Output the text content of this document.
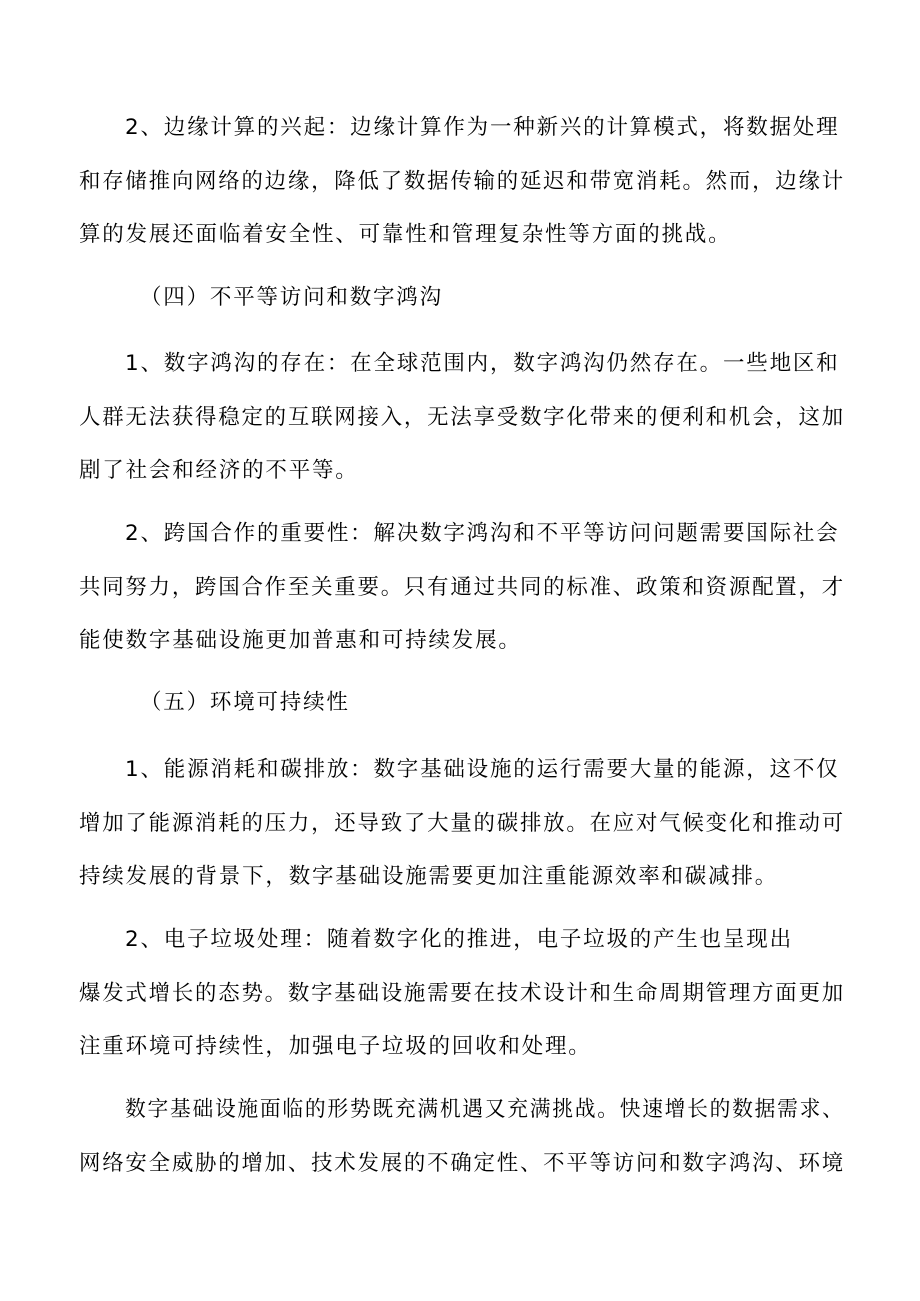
2、边缘计算的兴起：边缘计算作为一种新兴的计算模式，将数据处理
和存储推向网络的边缘，降低了数据传输的延迟和带宽消耗。然而，边缘计
算的发展还面临着安全性、可靠性和管理复杂性等方面的挑战。
（四）不平等访问和数字鸿沟
1、数字鸿沟的存在：在全球范围内，数字鸿沟仍然存在。一些地区和
人群无法获得稳定的互联网接入，无法享受数字化带来的便利和机会，这加
剧了社会和经济的不平等。
2、跨国合作的重要性：解决数字鸿沟和不平等访问问题需要国际社会
共同努力，跨国合作至关重要。只有通过共同的标准、政策和资源配置，才
能使数字基础设施更加普惠和可持续发展。
（五）环境可持续性
1、能源消耗和碳排放：数字基础设施的运行需要大量的能源，这不仅
增加了能源消耗的压力，还导致了大量的碳排放。在应对气候变化和推动可
持续发展的背景下，数字基础设施需要更加注重能源效率和碳减排。
2、电子垃圾处理：随着数字化的推进，电子垃圾的产生也呈现出
爆发式增长的态势。数字基础设施需要在技术设计和生命周期管理方面更加
注重环境可持续性，加强电子垃圾的回收和处理。
数字基础设施面临的形势既充满机遇又充满挑战。快速增长的数据需求、
网络安全威胁的增加、技术发展的不确定性、不平等访问和数字鸿沟、环境
